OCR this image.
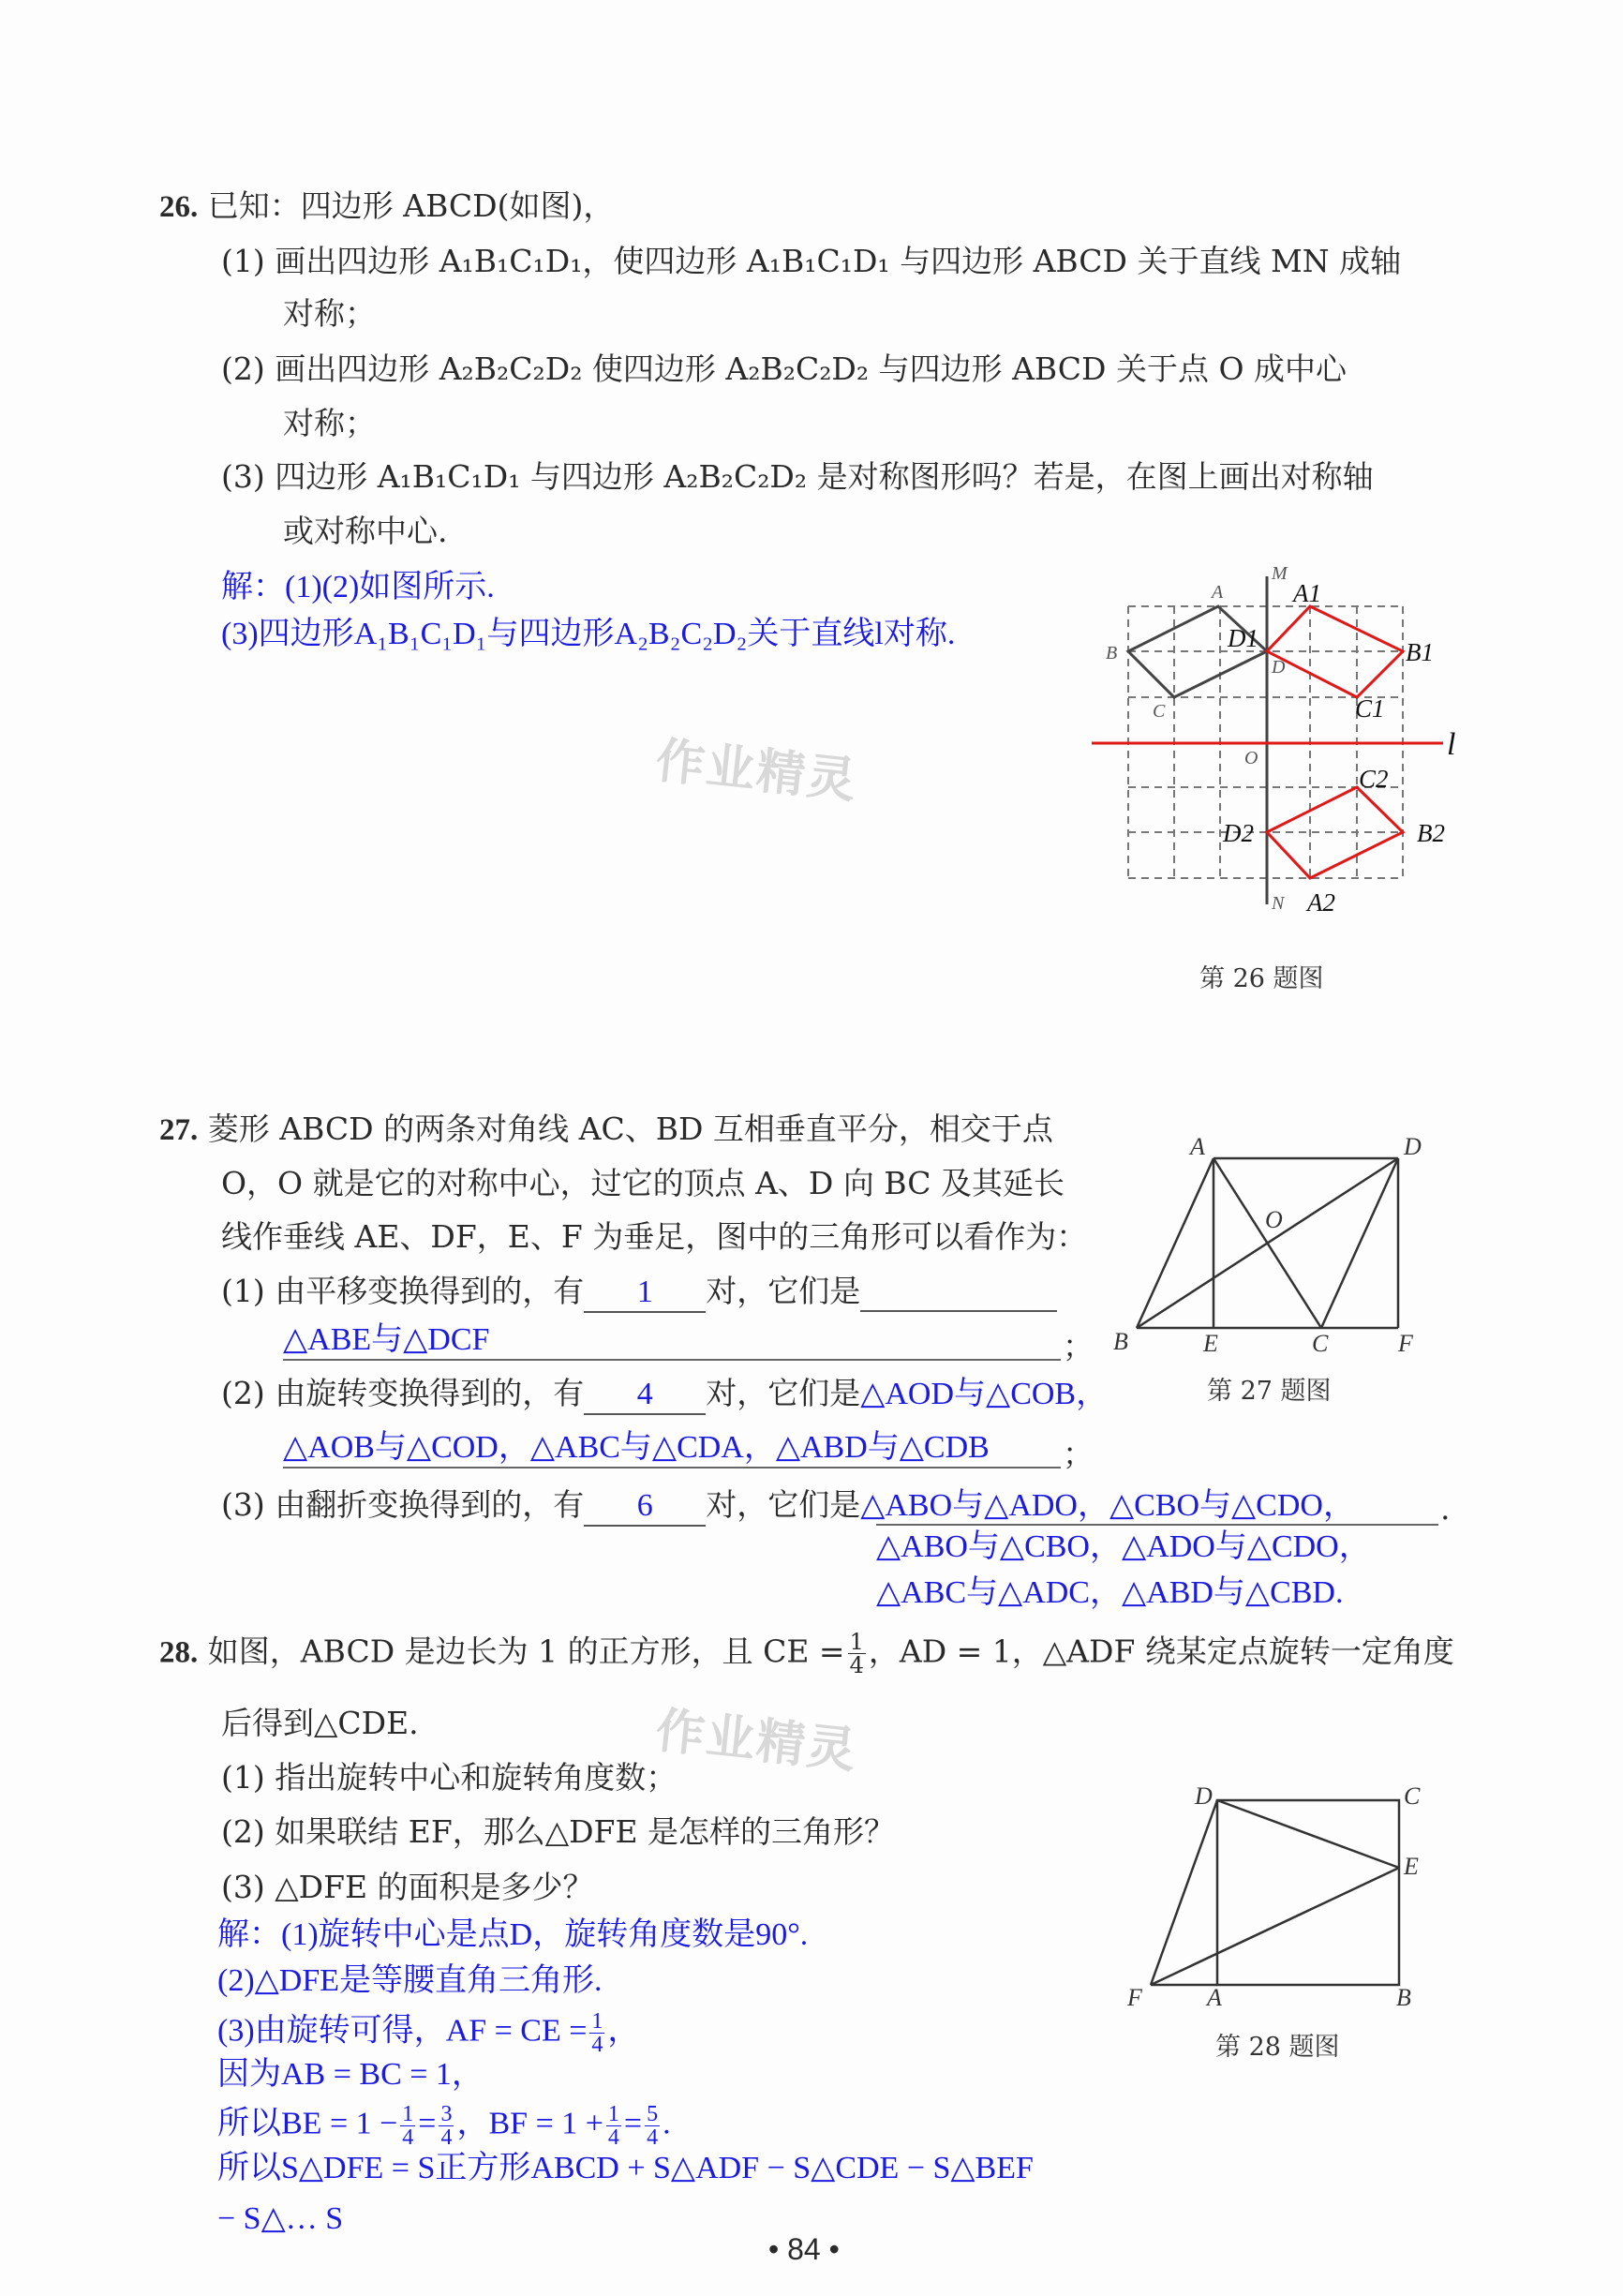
作业精灵
作业精灵
26. 已知：四边形 ABCD(如图)，
(1) 画出四边形 A₁B₁C₁D₁，使四边形 A₁B₁C₁D₁ 与四边形 ABCD 关于直线 MN 成轴
对称；
(2) 画出四边形 A₂B₂C₂D₂ 使四边形 A₂B₂C₂D₂ 与四边形 ABCD 关于点 O 成中心
对称；
(3) 四边形 A₁B₁C₁D₁ 与四边形 A₂B₂C₂D₂ 是对称图形吗？若是，在图上画出对称轴
或对称中心.
解：(1)(2)如图所示.
(3)四边形A₁B₁C₁D₁与四边形A₂B₂C₂D₂关于直线l对称.
M
N
O
A
B
C
D
A1
B1
C1
D1
l
C2
B2
A2
D2
第 26 题图
27. 菱形 ABCD 的两条对角线 AC、BD 互相垂直平分，相交于点
O，O 就是它的对称中心，过它的顶点 A、D 向 BC 及其延长
线作垂线 AE、DF，E、F 为垂足，图中的三角形可以看作为：
(1) 由平移变换得到的，有 1 对，它们是
△ABE与△DCF	；
(2) 由旋转变换得到的，有 4 对，它们是△AOD与△COB，
△AOB与△COD，△ABC与△CDA，△ABD与△CDB ；
(3) 由翻折变换得到的，有 6 对，它们是△ABO与△ADO，△CBO与△CDO，	.
△ABO与△CBO，△ADO与△CDO，
△ABC与△ADC，△ABD与△CBD.
A	D
O
B	E	C	F
第 27 题图
28. 如图，ABCD 是边长为 1 的正方形，且 CE = $\frac{1}{4}$ ，AD = 1，△ADF 绕某定点旋转一定角度
后得到△CDE.
(1) 指出旋转中心和旋转角度数；
(2) 如果联结 EF，那么△DFE 是怎样的三角形？
(3) △DFE 的面积是多少？
解：(1)旋转中心是点D，旋转角度数是90°.
(2)△DFE是等腰直角三角形.
(3)由旋转可得，AF = CE = $\frac{1}{4}$ ，
因为AB = BC = 1，
所以BE = $1 - \frac{1}{4} = \frac{3}{4}$ ，BF = $1 + \frac{1}{4} = \frac{5}{4}$ .
所以S△DFE = S正方形ABCD + S△ADF − S△CDE − S△BEF
− S△… S
D	C
E
F	A	B
第 28 题图
• 84 •
